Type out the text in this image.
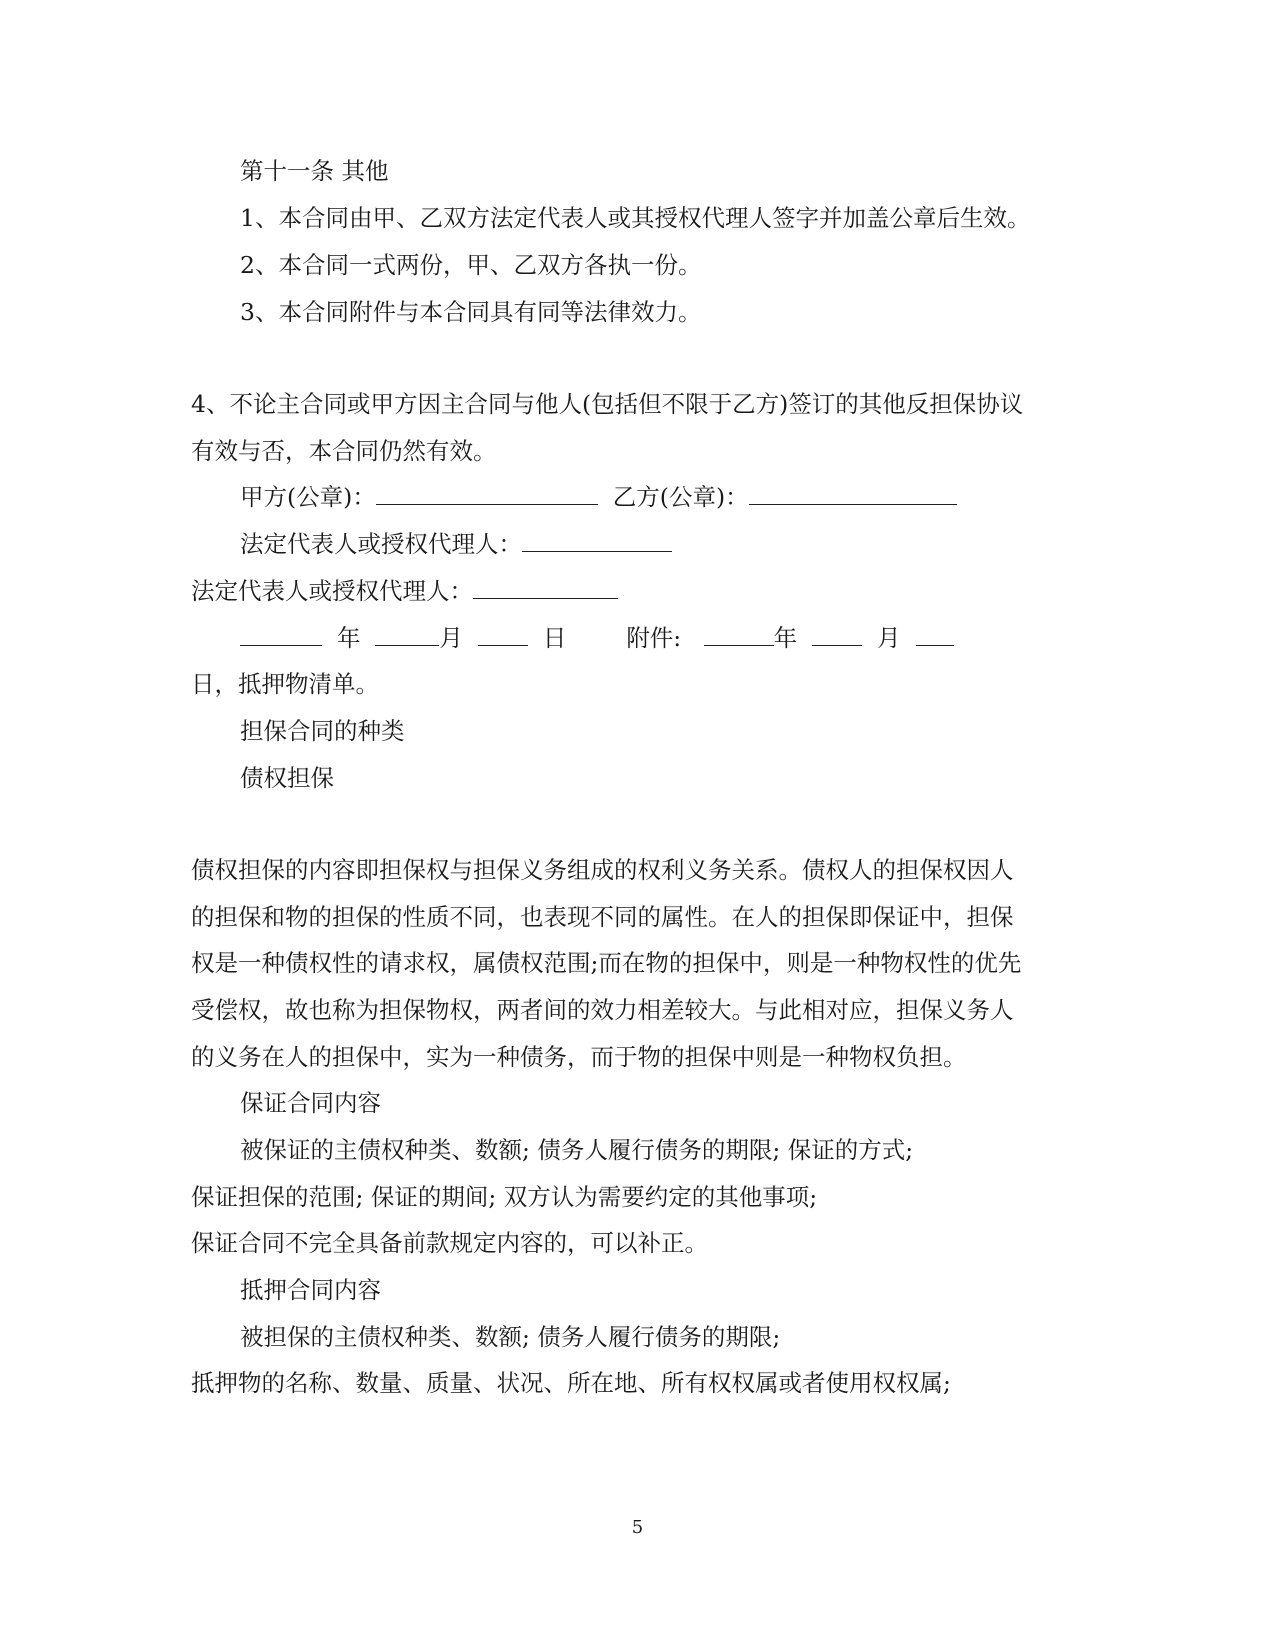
第十一条 其他
1、本合同由甲、乙双方法定代表人或其授权代理人签字并加盖公章后生效。
2、本合同一式两份，甲、乙双方各执一份。
3、本合同附件与本合同具有同等法律效力。
4、不论主合同或甲方因主合同与他人(包括但不限于乙方)签订的其他反担保协议
有效与否，本合同仍然有效。
甲方(公章)：	乙方(公章)：
法定代表人或授权代理人：
法定代表人或授权代理人：
年	月	日	附件:	年	月
日，抵押物清单。
担保合同的种类
债权担保
债权担保的内容即担保权与担保义务组成的权利义务关系。债权人的担保权因人
的担保和物的担保的性质不同，也表现不同的属性。在人的担保即保证中，担保
权是一种债权性的请求权，属债权范围;而在物的担保中，则是一种物权性的优先
受偿权，故也称为担保物权，两者间的效力相差较大。与此相对应，担保义务人
的义务在人的担保中，实为一种债务，而于物的担保中则是一种物权负担。
保证合同内容
被保证的主债权种类、数额; 债务人履行债务的期限; 保证的方式;
保证担保的范围; 保证的期间; 双方认为需要约定的其他事项;
保证合同不完全具备前款规定内容的，可以补正。
抵押合同内容
被担保的主债权种类、数额; 债务人履行债务的期限;
抵押物的名称、数量、质量、状况、所在地、所有权权属或者使用权权属;
5
